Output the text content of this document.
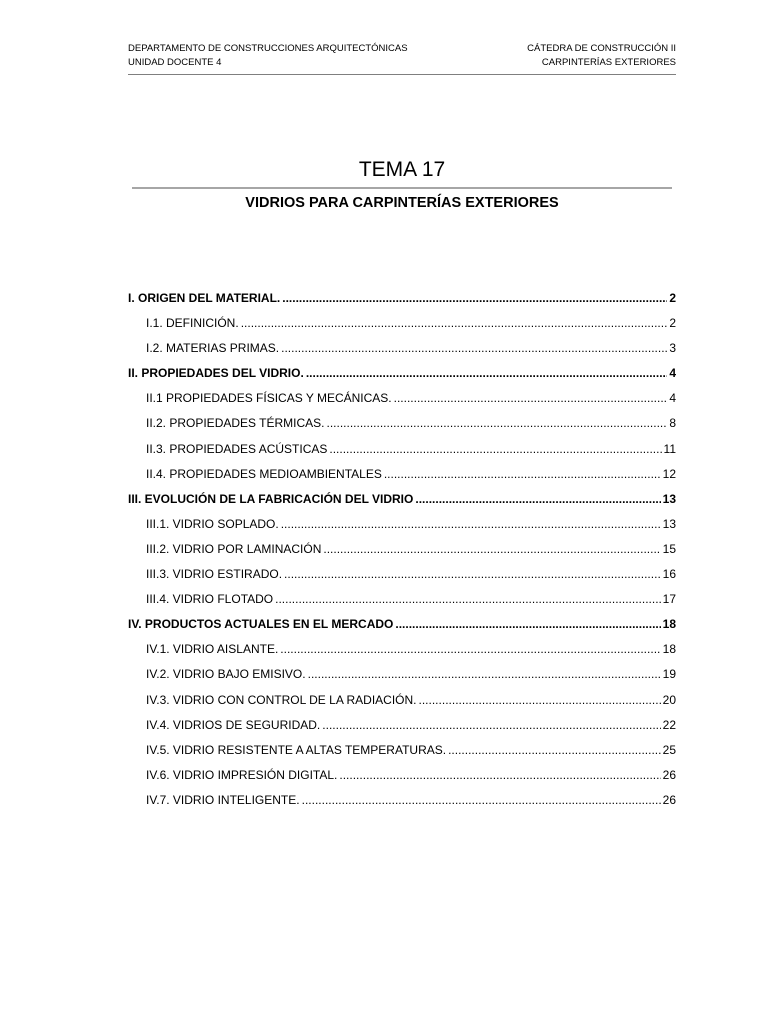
DEPARTAMENTO DE CONSTRUCCIONES ARQUITECTÓNICAS	CÁTEDRA DE CONSTRUCCIÓN II
UNIDAD DOCENTE 4	CARPINTERÍAS EXTERIORES
TEMA 17
VIDRIOS PARA CARPINTERÍAS EXTERIORES
I. ORIGEN DEL MATERIAL. .....	2
I.1. DEFINICIÓN. .....	2
I.2. MATERIAS PRIMAS. .....	3
II. PROPIEDADES DEL VIDRIO. .....	4
II.1 PROPIEDADES FÍSICAS Y MECÁNICAS. .....	4
II.2. PROPIEDADES TÉRMICAS. .....	8
II.3. PROPIEDADES ACÚSTICAS .....	11
II.4. PROPIEDADES MEDIOAMBIENTALES .....	12
III. EVOLUCIÓN DE LA FABRICACIÓN DEL VIDRIO .....	13
III.1. VIDRIO SOPLADO. .....	13
III.2. VIDRIO POR LAMINACIÓN .....	15
III.3. VIDRIO ESTIRADO. .....	16
III.4. VIDRIO FLOTADO .....	17
IV. PRODUCTOS ACTUALES EN EL MERCADO .....	18
IV.1. VIDRIO AISLANTE. .....	18
IV.2. VIDRIO BAJO EMISIVO. .....	19
IV.3. VIDRIO CON CONTROL DE LA RADIACIÓN. .....	20
IV.4. VIDRIOS DE SEGURIDAD. .....	22
IV.5. VIDRIO RESISTENTE A ALTAS TEMPERATURAS. .....	25
IV.6. VIDRIO IMPRESIÓN DIGITAL. .....	26
IV.7. VIDRIO INTELIGENTE. .....	26
